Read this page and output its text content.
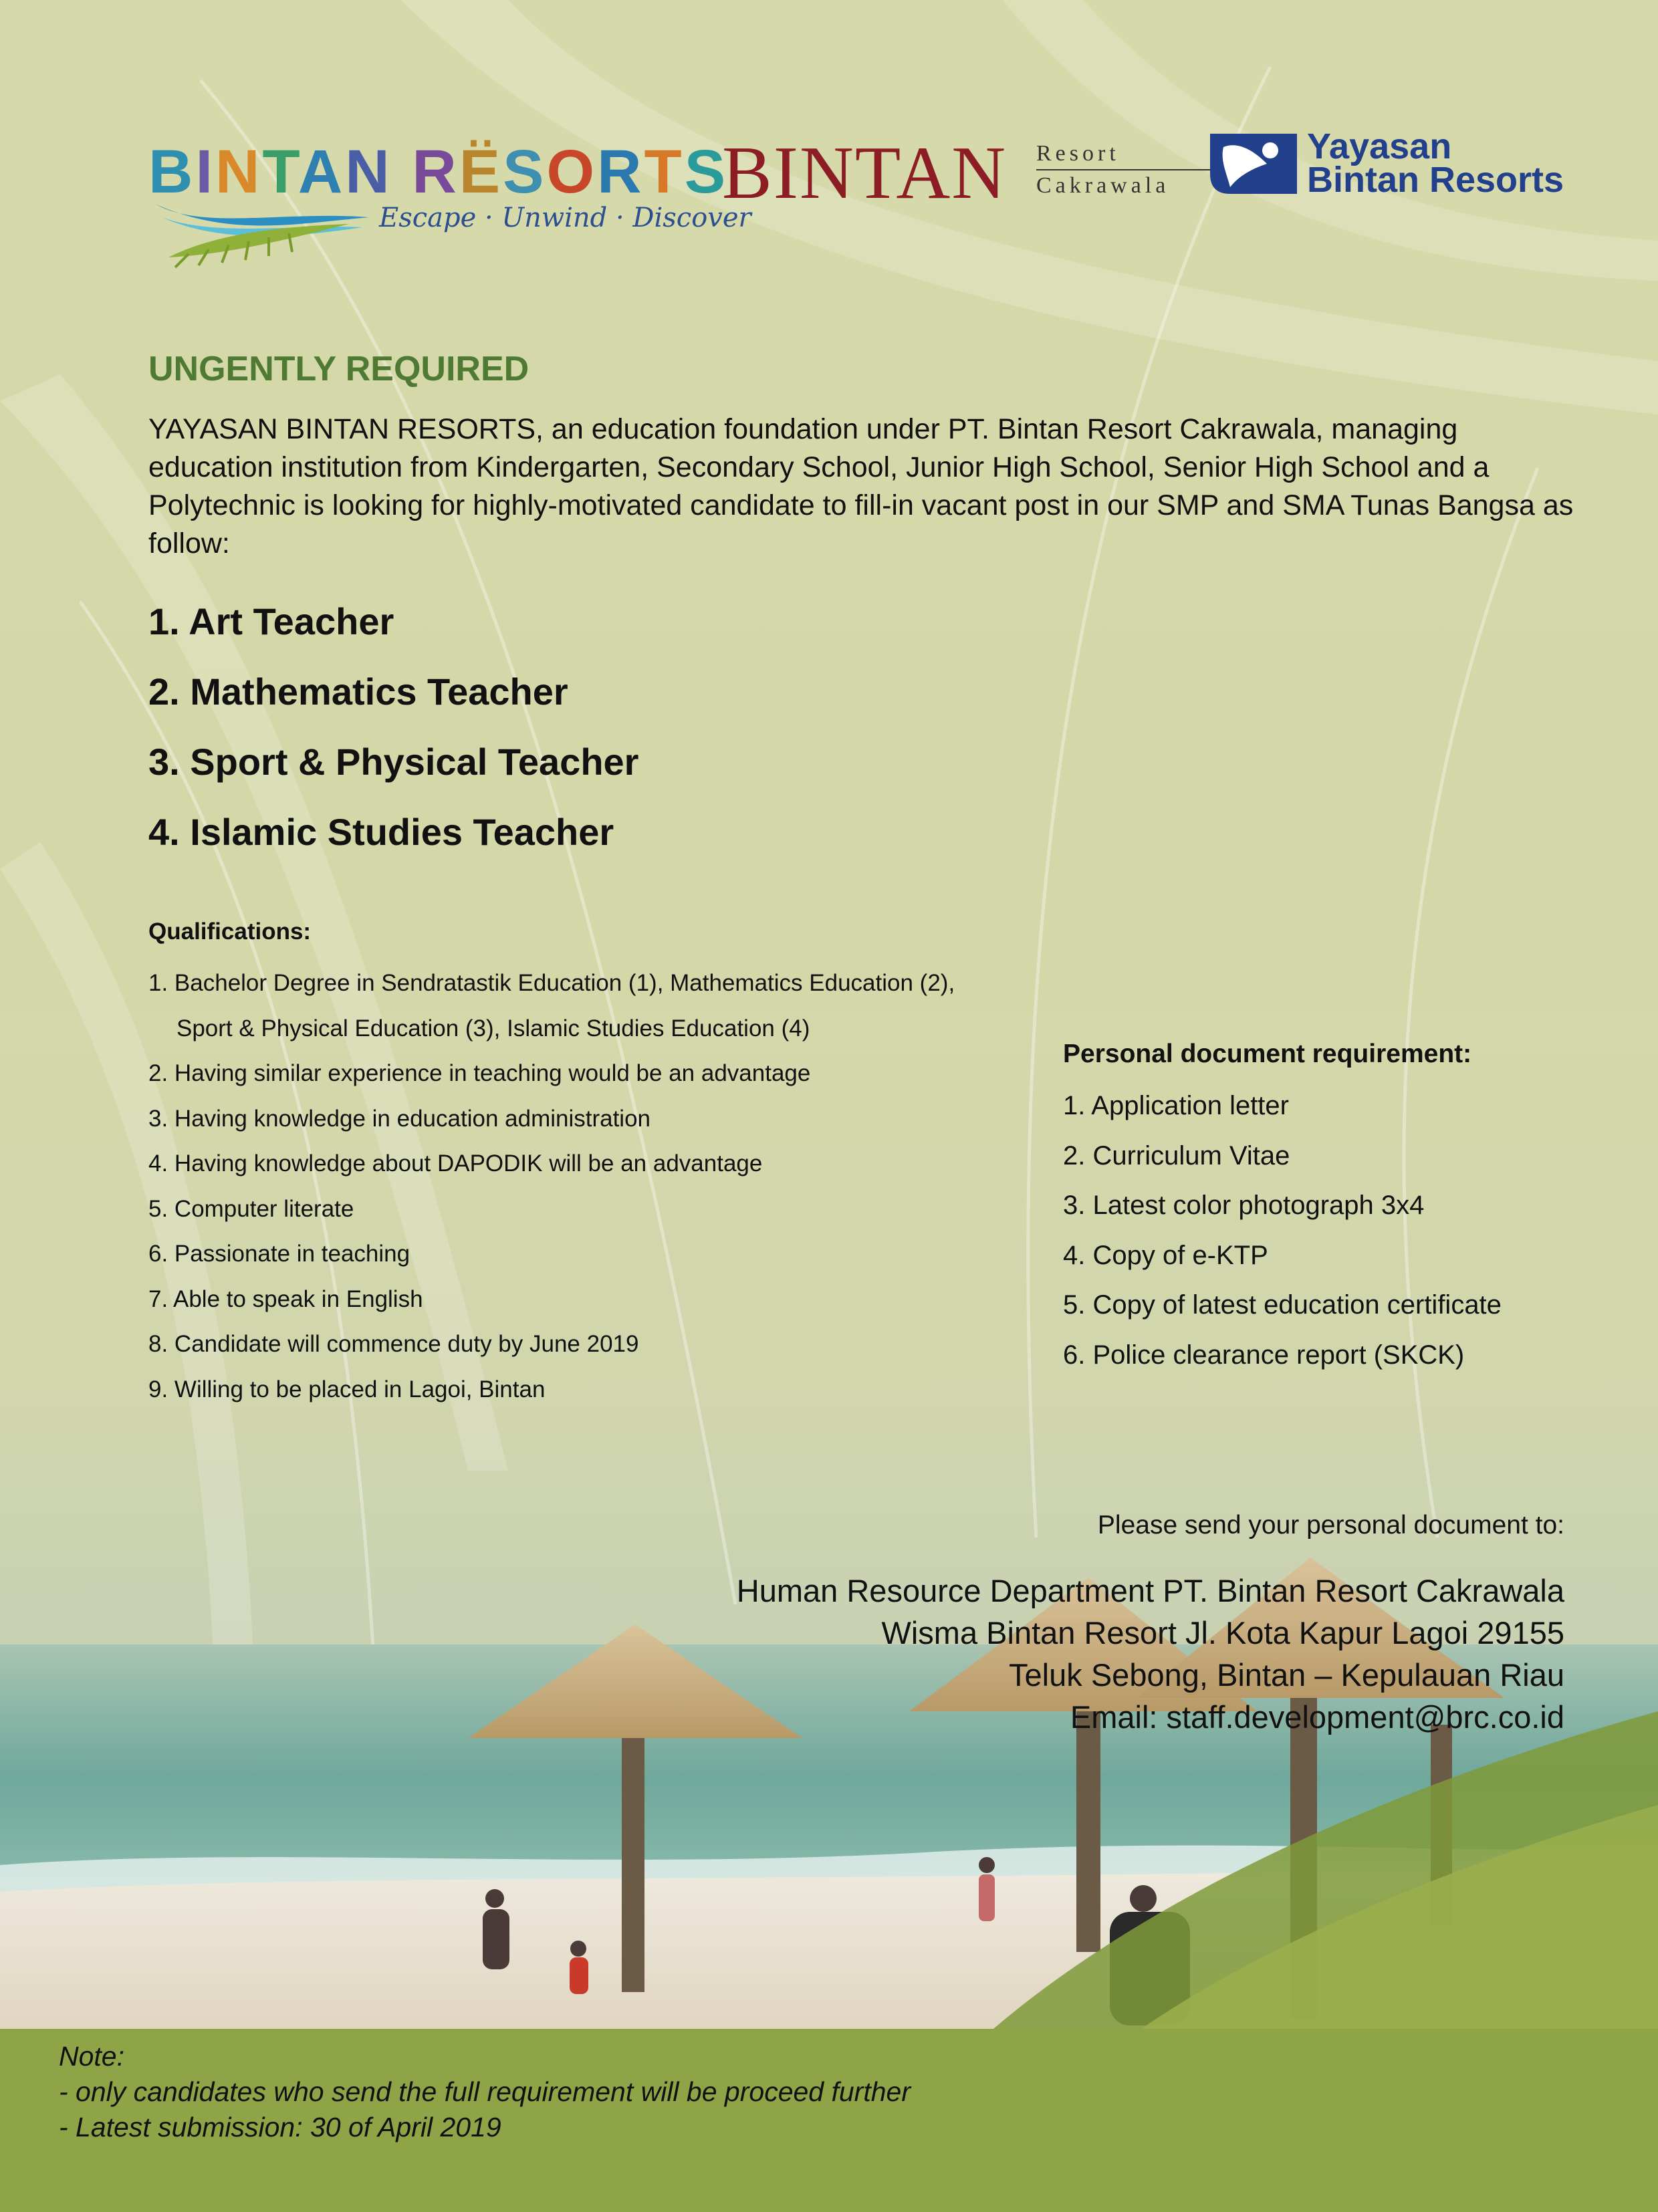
BINTAN RËSORTS
Escape · Unwind · Discover
BINTAN Resort
Cakrawala
Yayasan
Bintan Resorts
UNGENTLY REQUIRED

YAYASAN BINTAN RESORTS, an education foundation under PT. Bintan Resort Cakrawala, managing education institution from Kindergarten, Secondary School, Junior High School, Senior High School and a Polytechnic is looking for highly-motivated candidate to fill-in vacant post in our SMP and SMA Tunas Bangsa as follow:

1. Art Teacher
2. Mathematics Teacher
3. Sport & Physical Teacher
4. Islamic Studies Teacher
Qualifications:
1. Bachelor Degree in Sendratastik Education (1), Mathematics Education (2),
Sport & Physical Education (3), Islamic Studies Education (4)
2. Having similar experience in teaching would be an advantage
3. Having knowledge in education administration
4. Having knowledge about DAPODIK will be an advantage
5. Computer literate
6. Passionate in teaching
7. Able to speak in English
8. Candidate will commence duty by June 2019
9. Willing to be placed in Lagoi, Bintan
Personal document requirement:
1. Application letter
2. Curriculum Vitae
3. Latest color photograph 3x4
4. Copy of e-KTP
5. Copy of latest education certificate
6. Police clearance report (SKCK)
Please send your personal document to:
Human Resource Department PT. Bintan Resort Cakrawala
Wisma Bintan Resort Jl. Kota Kapur Lagoi 29155
Teluk Sebong, Bintan – Kepulauan Riau
Email: staff.development@brc.co.id
Note:
- only candidates who send the full requirement will be proceed further
- Latest submission: 30 of April 2019
